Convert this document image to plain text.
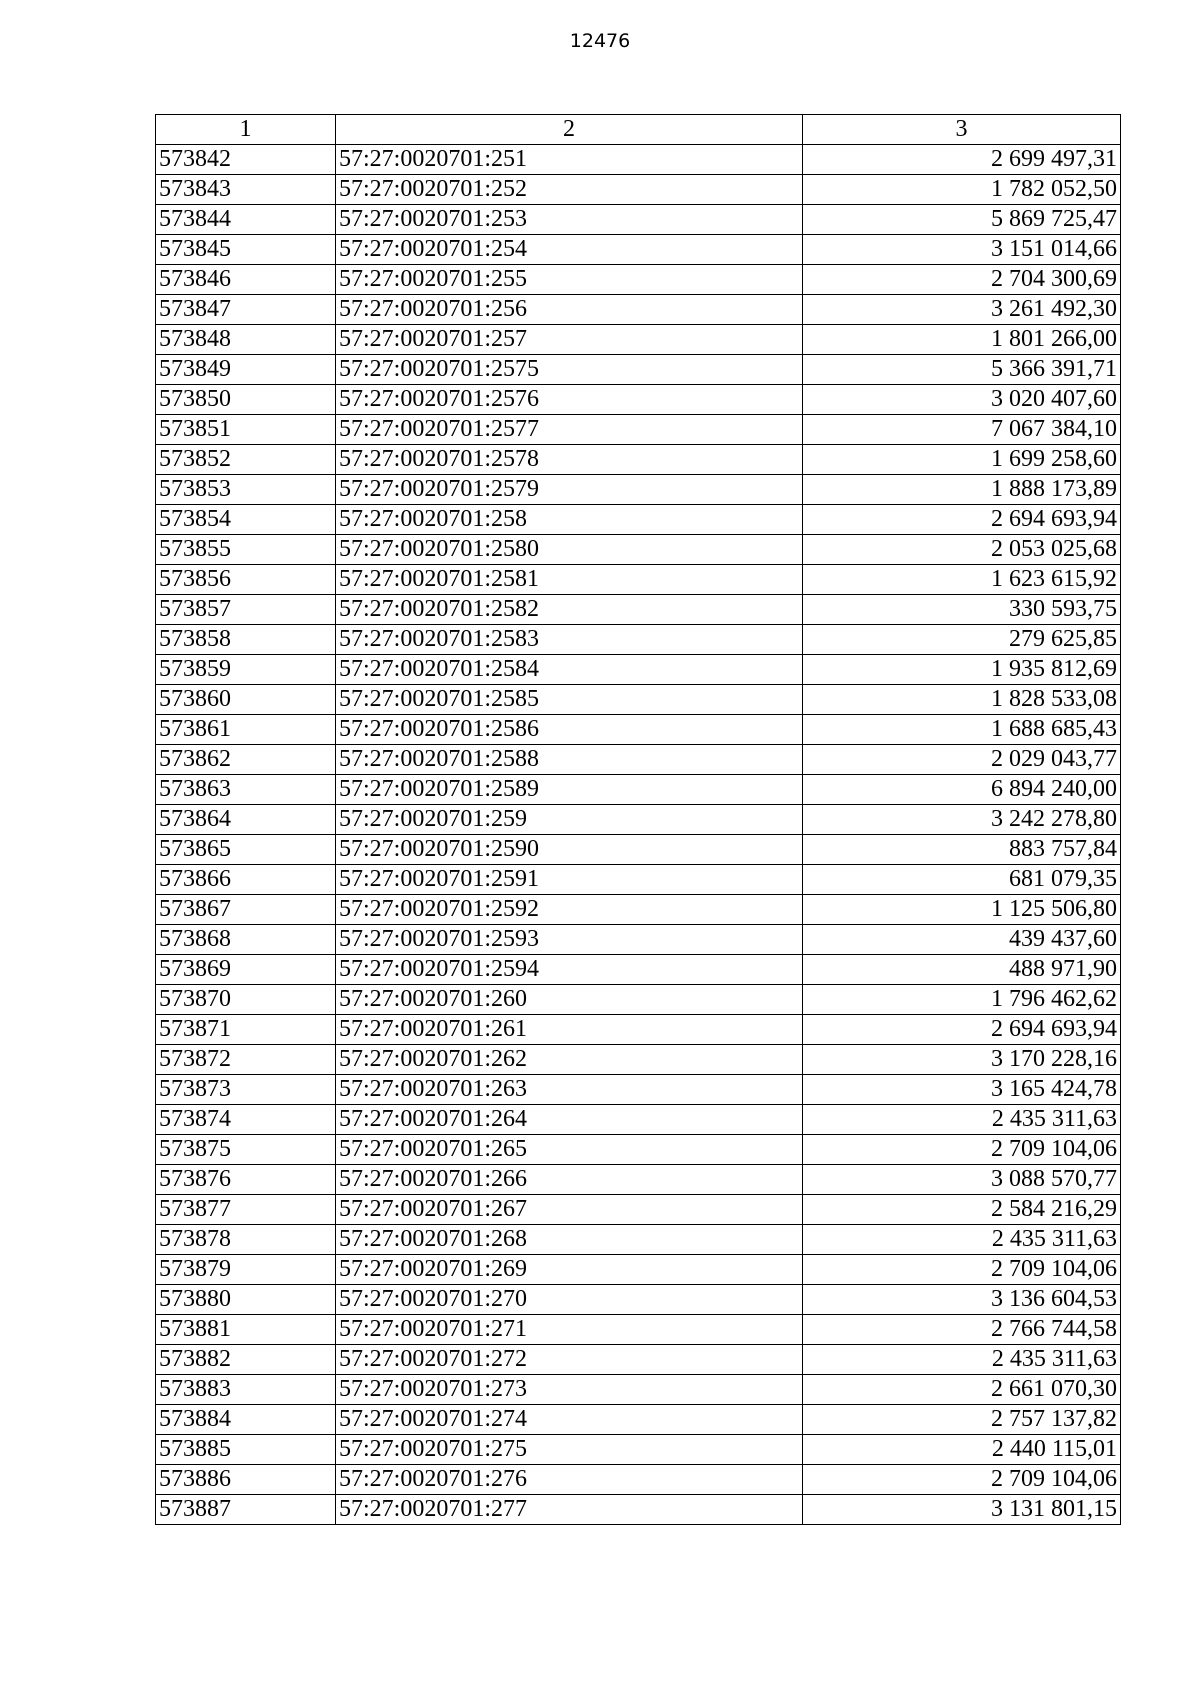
12476
1	2	3
573842	57:27:0020701:251	2 699 497,31
573843	57:27:0020701:252	1 782 052,50
573844	57:27:0020701:253	5 869 725,47
573845	57:27:0020701:254	3 151 014,66
573846	57:27:0020701:255	2 704 300,69
573847	57:27:0020701:256	3 261 492,30
573848	57:27:0020701:257	1 801 266,00
573849	57:27:0020701:2575	5 366 391,71
573850	57:27:0020701:2576	3 020 407,60
573851	57:27:0020701:2577	7 067 384,10
573852	57:27:0020701:2578	1 699 258,60
573853	57:27:0020701:2579	1 888 173,89
573854	57:27:0020701:258	2 694 693,94
573855	57:27:0020701:2580	2 053 025,68
573856	57:27:0020701:2581	1 623 615,92
573857	57:27:0020701:2582	330 593,75
573858	57:27:0020701:2583	279 625,85
573859	57:27:0020701:2584	1 935 812,69
573860	57:27:0020701:2585	1 828 533,08
573861	57:27:0020701:2586	1 688 685,43
573862	57:27:0020701:2588	2 029 043,77
573863	57:27:0020701:2589	6 894 240,00
573864	57:27:0020701:259	3 242 278,80
573865	57:27:0020701:2590	883 757,84
573866	57:27:0020701:2591	681 079,35
573867	57:27:0020701:2592	1 125 506,80
573868	57:27:0020701:2593	439 437,60
573869	57:27:0020701:2594	488 971,90
573870	57:27:0020701:260	1 796 462,62
573871	57:27:0020701:261	2 694 693,94
573872	57:27:0020701:262	3 170 228,16
573873	57:27:0020701:263	3 165 424,78
573874	57:27:0020701:264	2 435 311,63
573875	57:27:0020701:265	2 709 104,06
573876	57:27:0020701:266	3 088 570,77
573877	57:27:0020701:267	2 584 216,29
573878	57:27:0020701:268	2 435 311,63
573879	57:27:0020701:269	2 709 104,06
573880	57:27:0020701:270	3 136 604,53
573881	57:27:0020701:271	2 766 744,58
573882	57:27:0020701:272	2 435 311,63
573883	57:27:0020701:273	2 661 070,30
573884	57:27:0020701:274	2 757 137,82
573885	57:27:0020701:275	2 440 115,01
573886	57:27:0020701:276	2 709 104,06
573887	57:27:0020701:277	3 131 801,15
